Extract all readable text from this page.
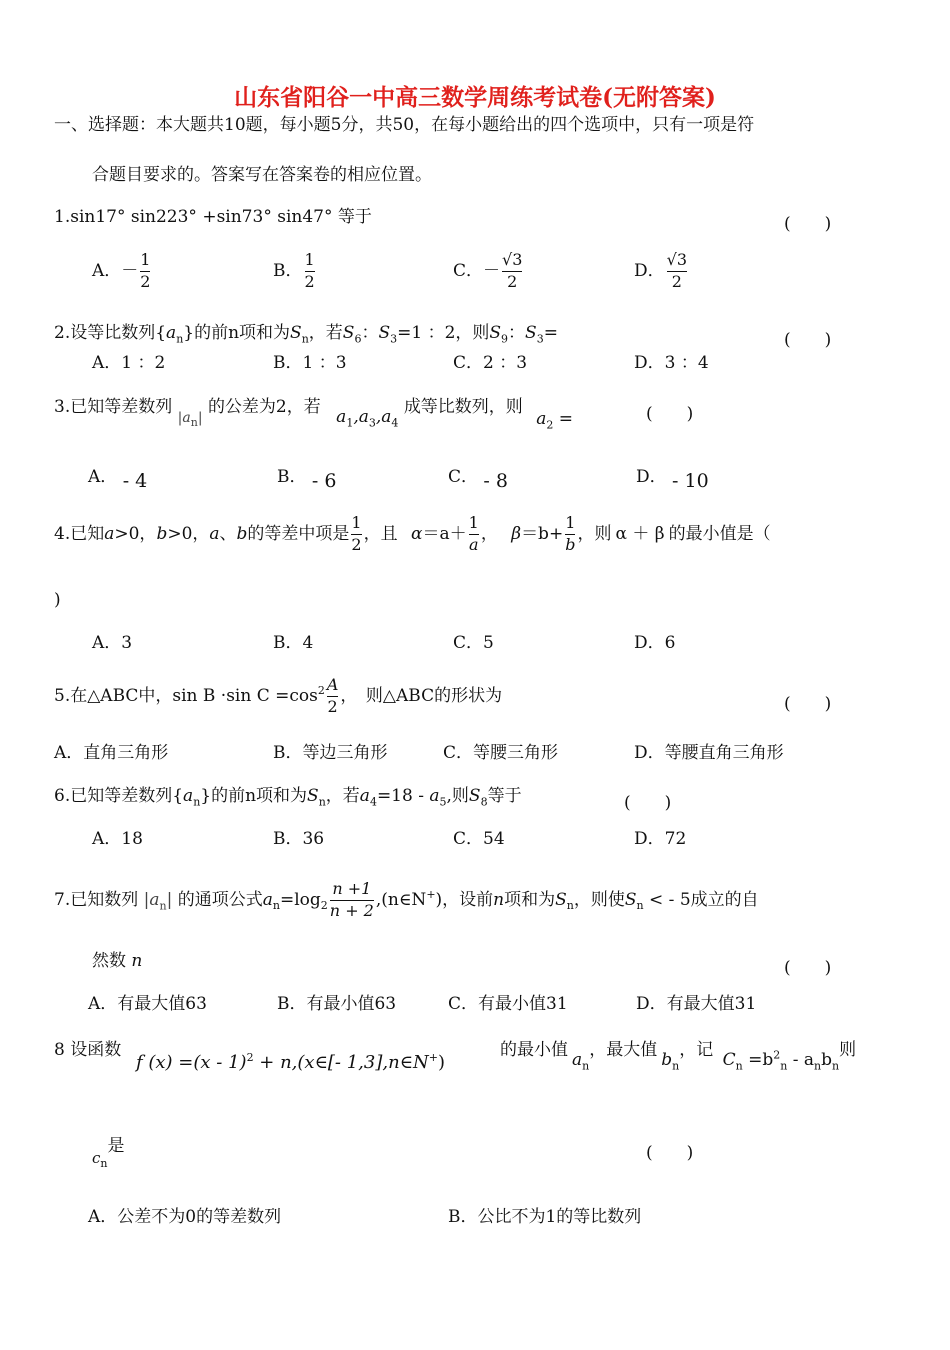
山东省阳谷一中高三数学周练考试卷(无附答案)
一、选择题：本大题共10题，每小题5分，共50，在每小题给出的四个选项中，只有一项是符
合题目要求的。答案写在答案卷的相应位置。
1.sin17° sin223° +sin73° sin47° 等于	(　　)
A．－ $\frac{1}{2}$	B． $\frac{1}{2}$	C．－ $\frac{√3}{2}$	D． $\frac{√3}{2}$
2.设等比数列$\{a_n\}$的前n项和为$S_n$，若$S_6$：$S_3=1$ ：2，则$S_9$：$S_3=$	(　　)
A．1 ：2	B．1 ：3	C．2 ：3	D．3 ：4
3.已知等差数列 $_{|a_n|}$ 的公差为2，若 $a_1,a_3,a_4$ 成等比数列，则 $a_2$ =	(　　)
A． - 4	B． - 6	C． - 8	D． - 10
4.已知a>0，b>0，a、b的等差中项是 $\frac{1}{2}$ ，且 $\alpha=a+ \frac{1}{a}$ ， $\beta=b+ \frac{1}{b}$ ，则 α ＋ β 的最小值是（
)
A．3	B．4	C．5	D．6
5.在△ABC中，sin B ·sin $C =\cos^2 \frac{A}{2}$ ，　则△ABC的形状为	(　　)
A．直角三角形	B．等边三角形	C．等腰三角形	D．等腰直角三角形
6.已知等差数列$\{a_n\}$的前n项和为$S_n$，若$a_4=18 - a_5$,则$S_8$等于	(　　)
A．18	B．36	C．54	D．72
7.已知数列 $|a_n|$ 的通项公式$a_n=\log_2 \frac{n +1}{n + 2}$ ,(n∈N+)，设前n项和为$S_n$，则使$S_n$ < - 5成立的自
然数 n	(　　)
A．有最大值63	B．有最小值63	C．有最小值31	D．有最大值31
8 设函数
f (x) =(x - 1)$^2$ + n,(x∈[- 1,3],n∈N+)
的最小值 $a_n$，最大值 $b_n$，记 $C_n =b^2_n - a_nb_n$则
$c_n$是	(　　)
A．公差不为0的等差数列	B．公比不为1的等比数列
